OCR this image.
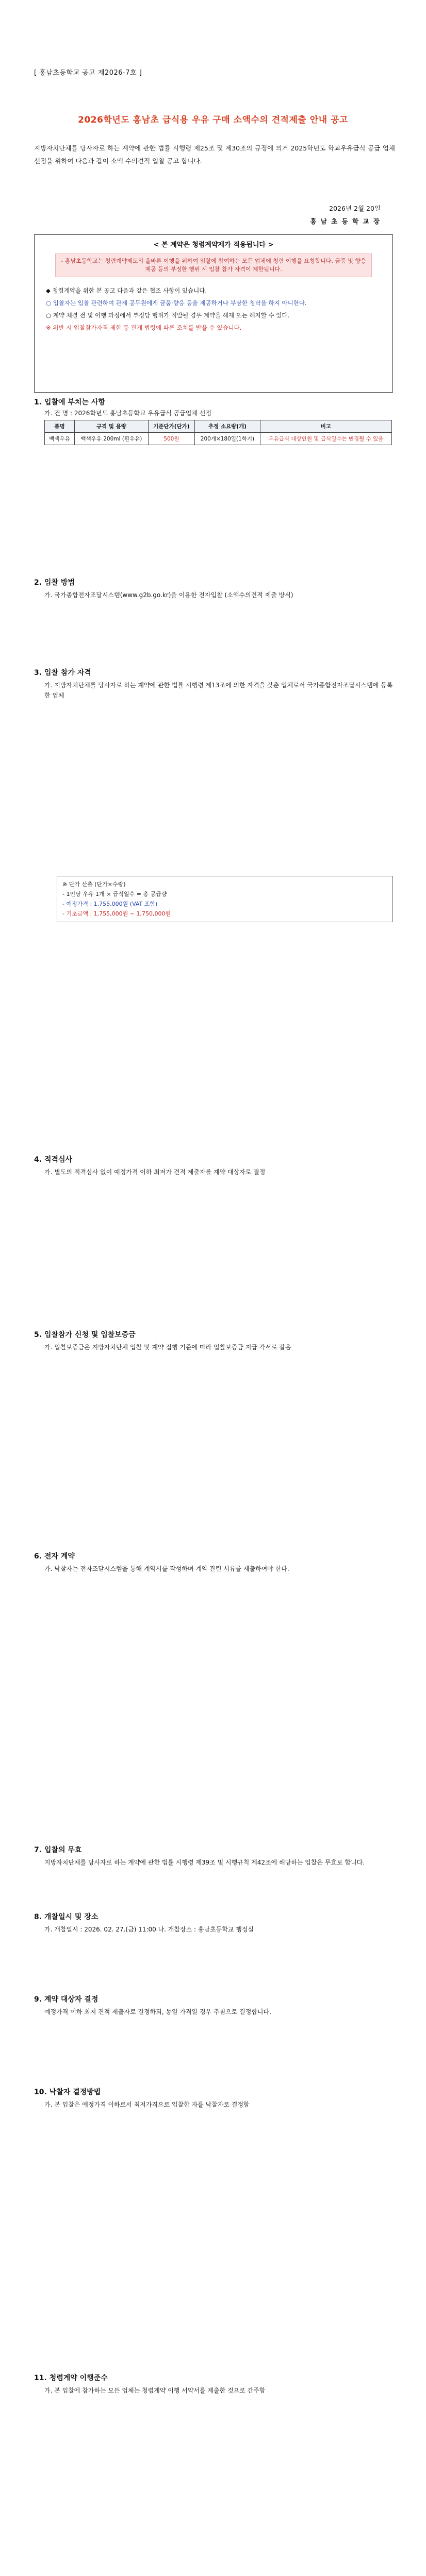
[ 홍남초등학교 공고 제2026-7호 ]
2026학년도 홍남초 급식용 우유 구매 소액수의 견적제출 안내 공고
지방자치단체를 당사자로 하는 계약에 관한 법률 시행령 제25조 및 제30조의 규정에 의거 2025학년도 학교우유급식 공급 업체 선정을 위하여 다음과 같이 소액 수의견적 입찰 공고 합니다.
2026년 2월 20일
홍 남 초 등 학 교 장
< 본 계약은 청렴계약제가 적용됩니다 >
- 홍남초등학교는 청렴계약제도의 올바른 이행을 위하여 입찰에 참여하는 모든 업체에 청렴 이행을 요청합니다. 금품 및 향응 제공 등의 부정한 행위 시 입찰 참가 자격이 제한됩니다.

◆ 청렴계약을 위한 본 공고 다음과 같은 협조 사항이 있습니다.

○ 입찰자는 입찰 관련하여 관계 공무원에게 금품·향응 등을 제공하거나 부당한 청탁을 하지 아니한다.

○ 계약 체결 전 및 이행 과정에서 부정당 행위가 적발될 경우 계약을 해제 또는 해지할 수 있다.

※ 위반 시 입찰참가자격 제한 등 관계 법령에 따른 조치를 받을 수 있습니다.

1. 입찰에 부치는 사항
가. 건 명 : 2026학년도 홍남초등학교 우유급식 공급업체 선정
품명	규격 및 용량	기준단가(단가)	추정 소요량(개)	비고
백색우유	백색우유 200ml (흰우유)	500원	200개×180일(1학기)	우유급식 대상인원 및 급식일수는 변경될 수 있음
2. 입찰 방법
가. 국가종합전자조달시스템(www.g2b.go.kr)을 이용한 전자입찰 (소액수의견적 제출 방식)
3. 입찰 참가 자격
가. 지방자치단체를 당사자로 하는 계약에 관한 법률 시행령 제13조에 의한 자격을 갖춘 업체로서 국가종합전자조달시스템에 등록한 업체
※ 단가 산출 (단가×수량)
- 1인당 우유 1개 × 급식일수 = 총 공급량
- 예정가격 : 1,755,000원 (VAT 포함)
- 기초금액 : 1,755,000원 ~ 1,750,000원
4. 적격심사
가. 별도의 적격심사 없이 예정가격 이하 최저가 견적 제출자를 계약 대상자로 결정
5. 입찰참가 신청 및 입찰보증금
가. 입찰보증금은 지방자치단체 입찰 및 계약 집행 기준에 따라 입찰보증금 지급 각서로 갈음
6. 전자 계약
가. 낙찰자는 전자조달시스템을 통해 계약서를 작성하며 계약 관련 서류를 제출하여야 한다.
7. 입찰의 무효
지방자치단체를 당사자로 하는 계약에 관한 법률 시행령 제39조 및 시행규칙 제42조에 해당하는 입찰은 무효로 합니다.
8. 개찰일시 및 장소
가. 개찰일시 : 2026. 02. 27.(금) 11:00 나. 개찰장소 : 홍남초등학교 행정실
9. 계약 대상자 결정
예정가격 이하 최저 견적 제출자로 결정하되, 동일 가격일 경우 추첨으로 결정합니다.
10. 낙찰자 결정방법
가. 본 입찰은 예정가격 이하로서 최저가격으로 입찰한 자를 낙찰자로 결정함
11. 청렴계약 이행준수
가. 본 입찰에 참가하는 모든 업체는 청렴계약 이행 서약서를 제출한 것으로 간주함
